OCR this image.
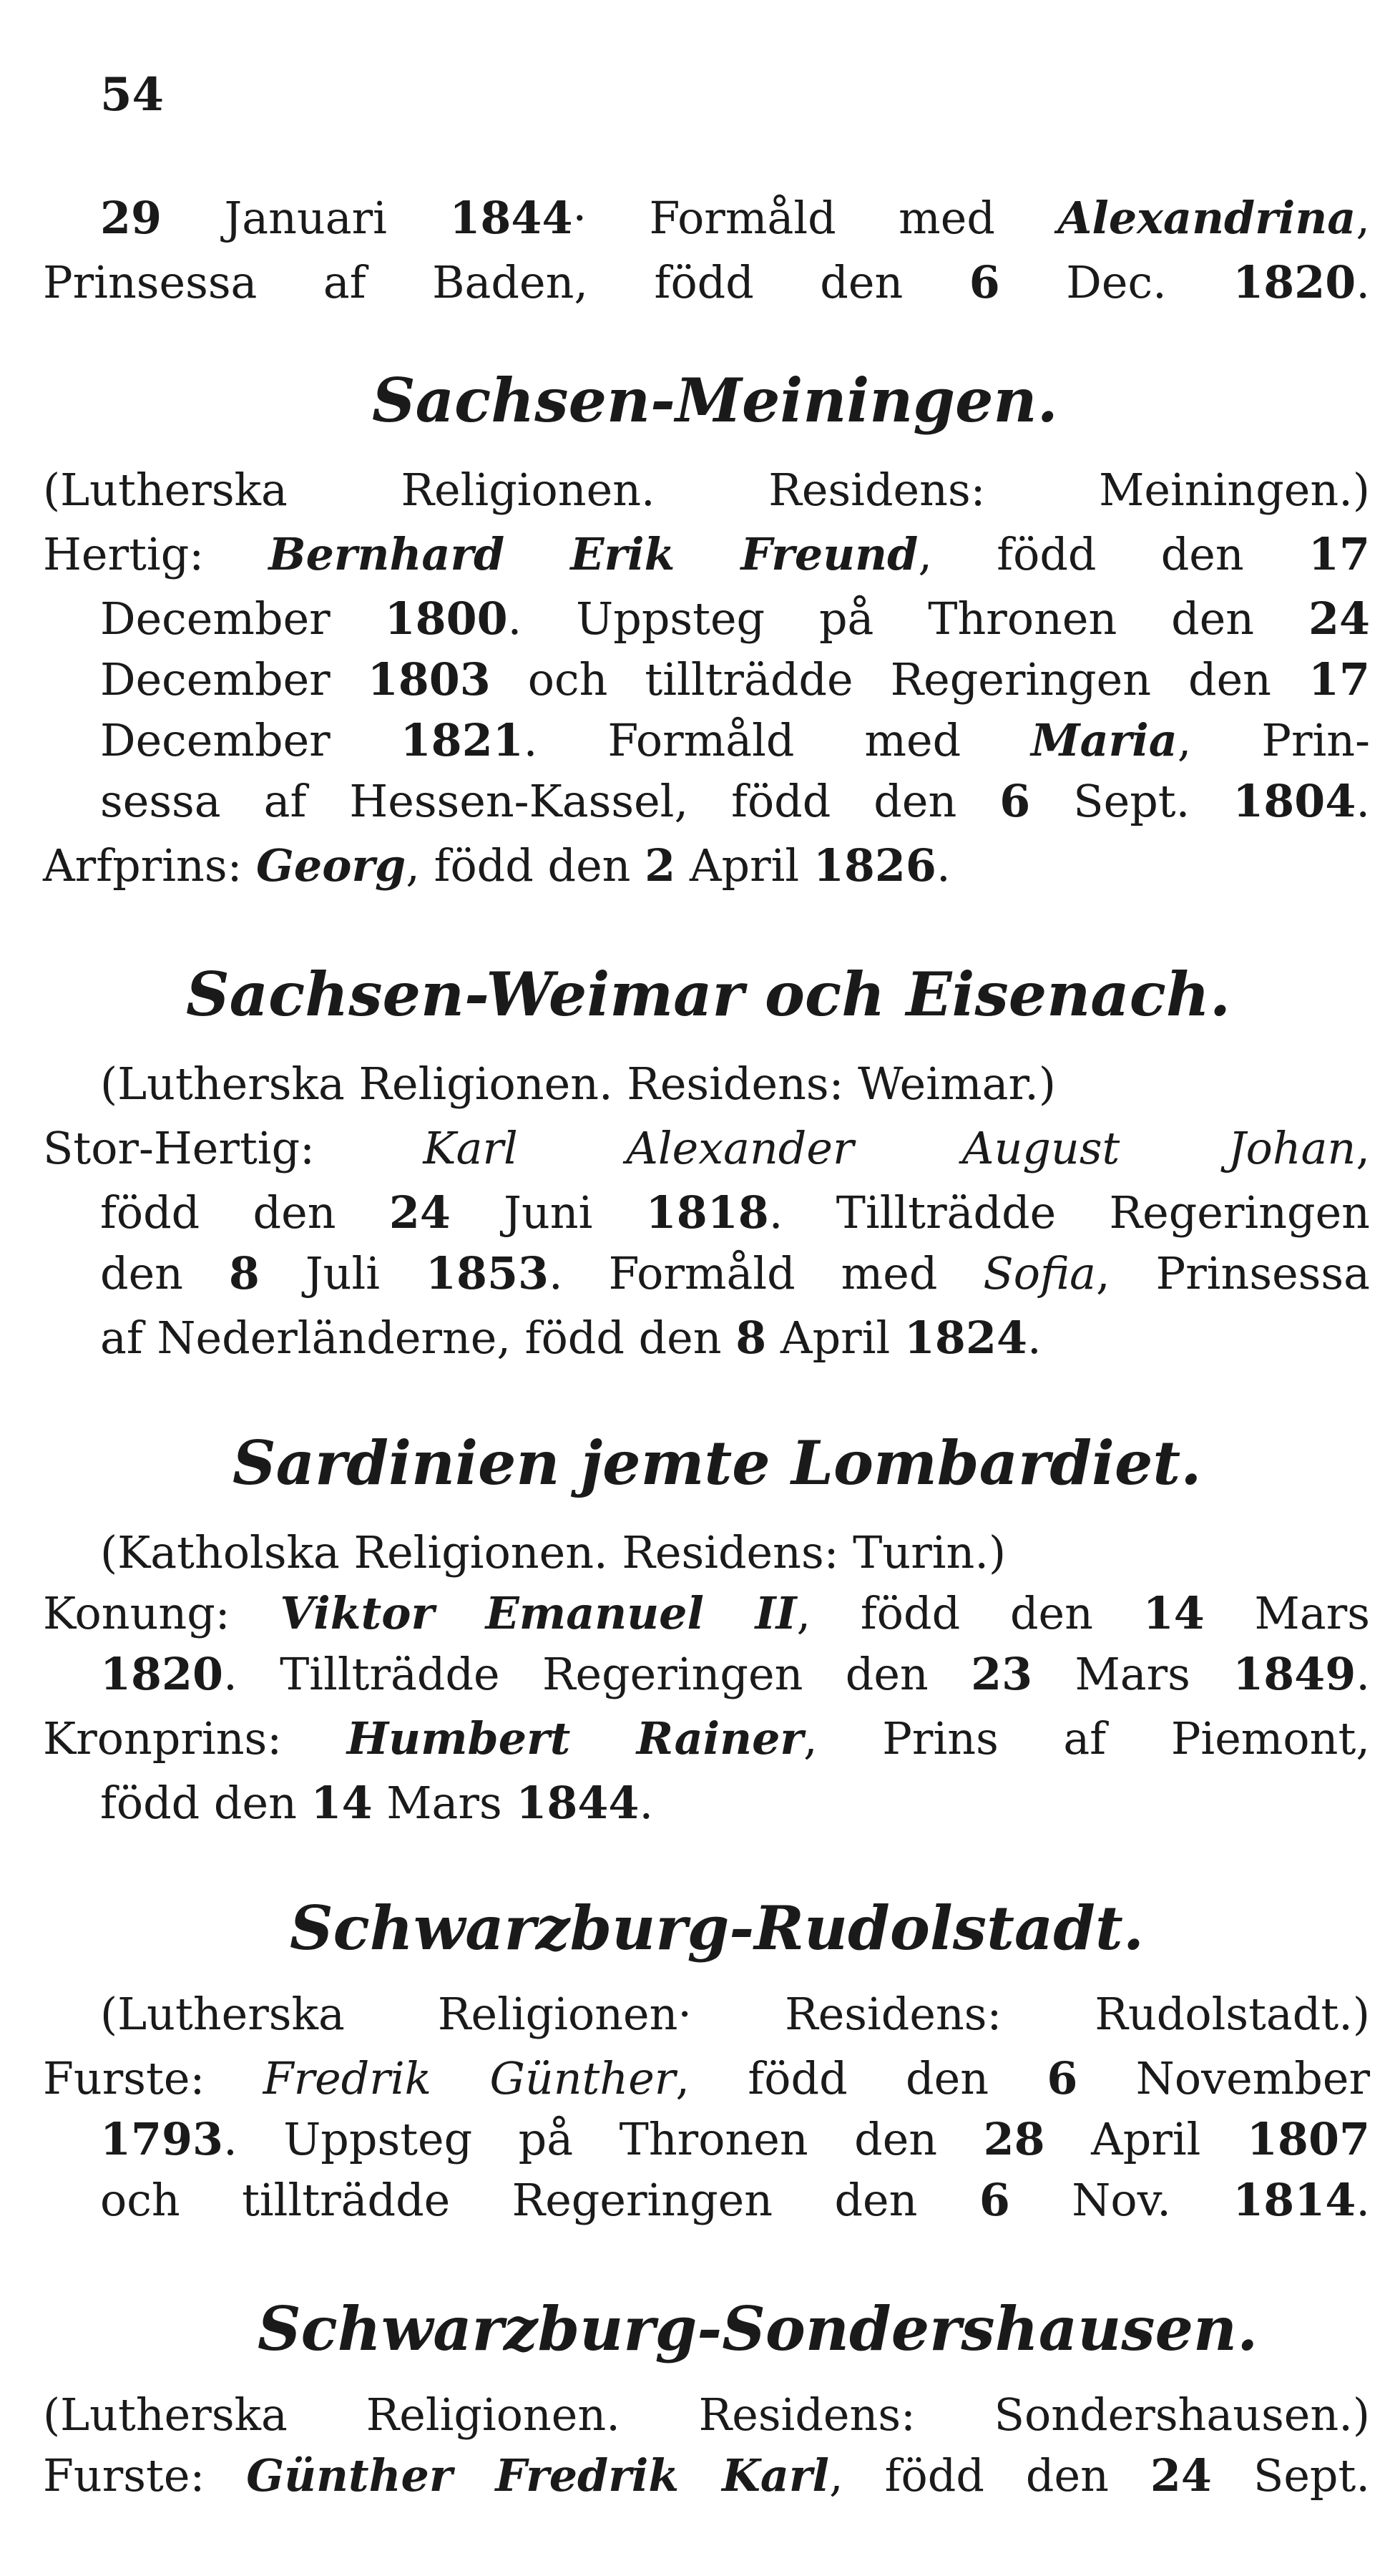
54
29 Januari 1844· Formåld med Alexandrina,
Prinsessa af Baden, född den 6 Dec. 1820.
Sachsen-Meiningen.
(Lutherska Religionen. Residens: Meiningen.)
Hertig: Bernhard Erik Freund, född den 17
December 1800. Uppsteg på Thronen den 24
December 1803 och tillträdde Regeringen den 17
December 1821. Formåld med Maria, Prin-
sessa af Hessen-Kassel, född den 6 Sept. 1804.
Arfprins: Georg, född den 2 April 1826.
Sachsen-Weimar och Eisenach.
(Lutherska Religionen. Residens: Weimar.)
Stor-Hertig: Karl Alexander August Johan,
född den 24 Juni 1818. Tillträdde Regeringen
den 8 Juli 1853. Formåld med Sofia, Prinsessa
af Nederländerne, född den 8 April 1824.
Sardinien jemte Lombardiet.
(Katholska Religionen. Residens: Turin.)
Konung: Viktor Emanuel II, född den 14 Mars
1820. Tillträdde Regeringen den 23 Mars 1849.
Kronprins: Humbert Rainer, Prins af Piemont,
född den 14 Mars 1844.
Schwarzburg-Rudolstadt.
(Lutherska Religionen· Residens: Rudolstadt.)
Furste: Fredrik Günther, född den 6 November
1793. Uppsteg på Thronen den 28 April 1807
och tillträdde Regeringen den 6 Nov. 1814.
Schwarzburg-Sondershausen.
(Lutherska Religionen. Residens: Sondershausen.)
Furste: Günther Fredrik Karl, född den 24 Sept.
